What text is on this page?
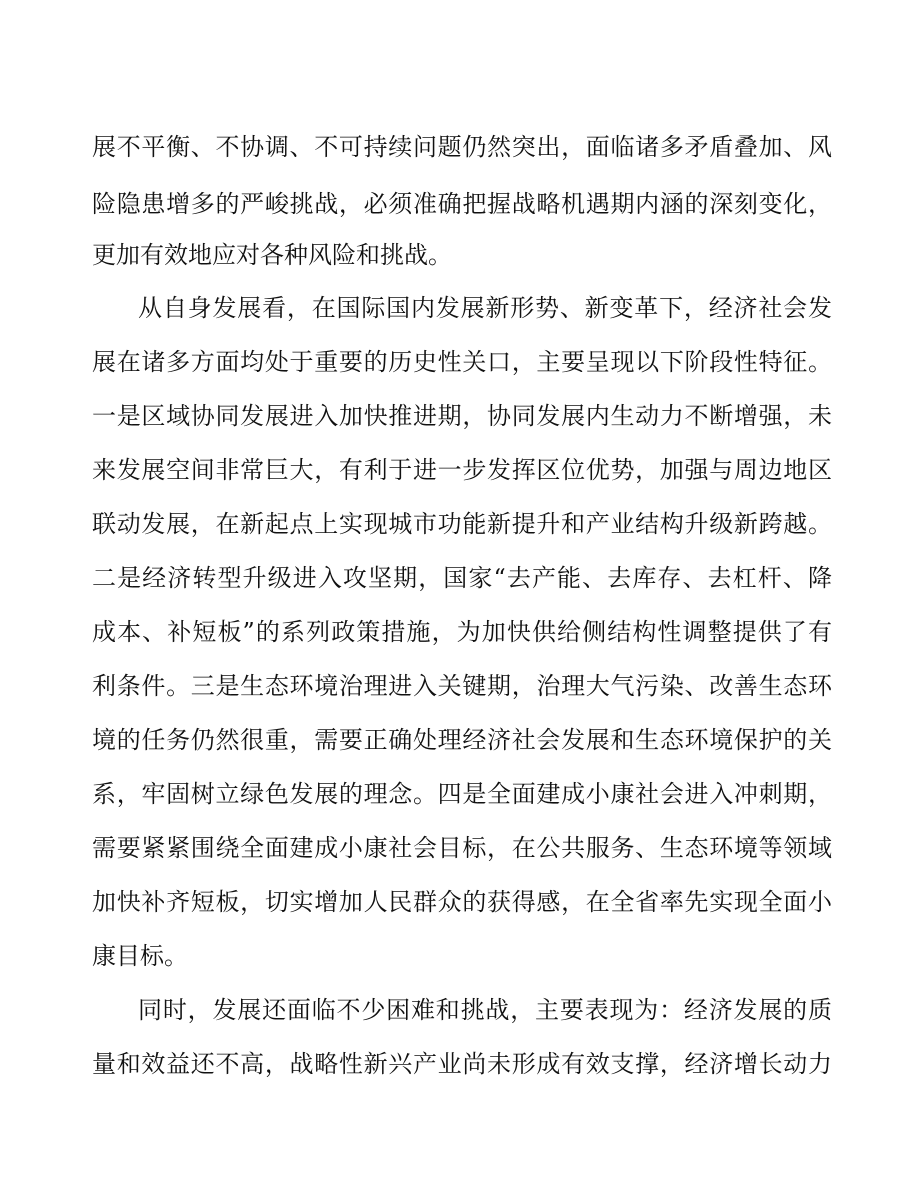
展不平衡、不协调、不可持续问题仍然突出，面临诸多矛盾叠加、风
险隐患增多的严峻挑战，必须准确把握战略机遇期内涵的深刻变化，
更加有效地应对各种风险和挑战。
从自身发展看，在国际国内发展新形势、新变革下，经济社会发
展在诸多方面均处于重要的历史性关口，主要呈现以下阶段性特征。
一是区域协同发展进入加快推进期，协同发展内生动力不断增强，未
来发展空间非常巨大，有利于进一步发挥区位优势，加强与周边地区
联动发展，在新起点上实现城市功能新提升和产业结构升级新跨越。
二是经济转型升级进入攻坚期，国家“去产能、去库存、去杠杆、降
成本、补短板”的系列政策措施，为加快供给侧结构性调整提供了有
利条件。三是生态环境治理进入关键期，治理大气污染、改善生态环
境的任务仍然很重，需要正确处理经济社会发展和生态环境保护的关
系，牢固树立绿色发展的理念。四是全面建成小康社会进入冲刺期，
需要紧紧围绕全面建成小康社会目标，在公共服务、生态环境等领域
加快补齐短板，切实增加人民群众的获得感，在全省率先实现全面小
康目标。
同时，发展还面临不少困难和挑战，主要表现为：经济发展的质
量和效益还不高，战略性新兴产业尚未形成有效支撑，经济增长动力
